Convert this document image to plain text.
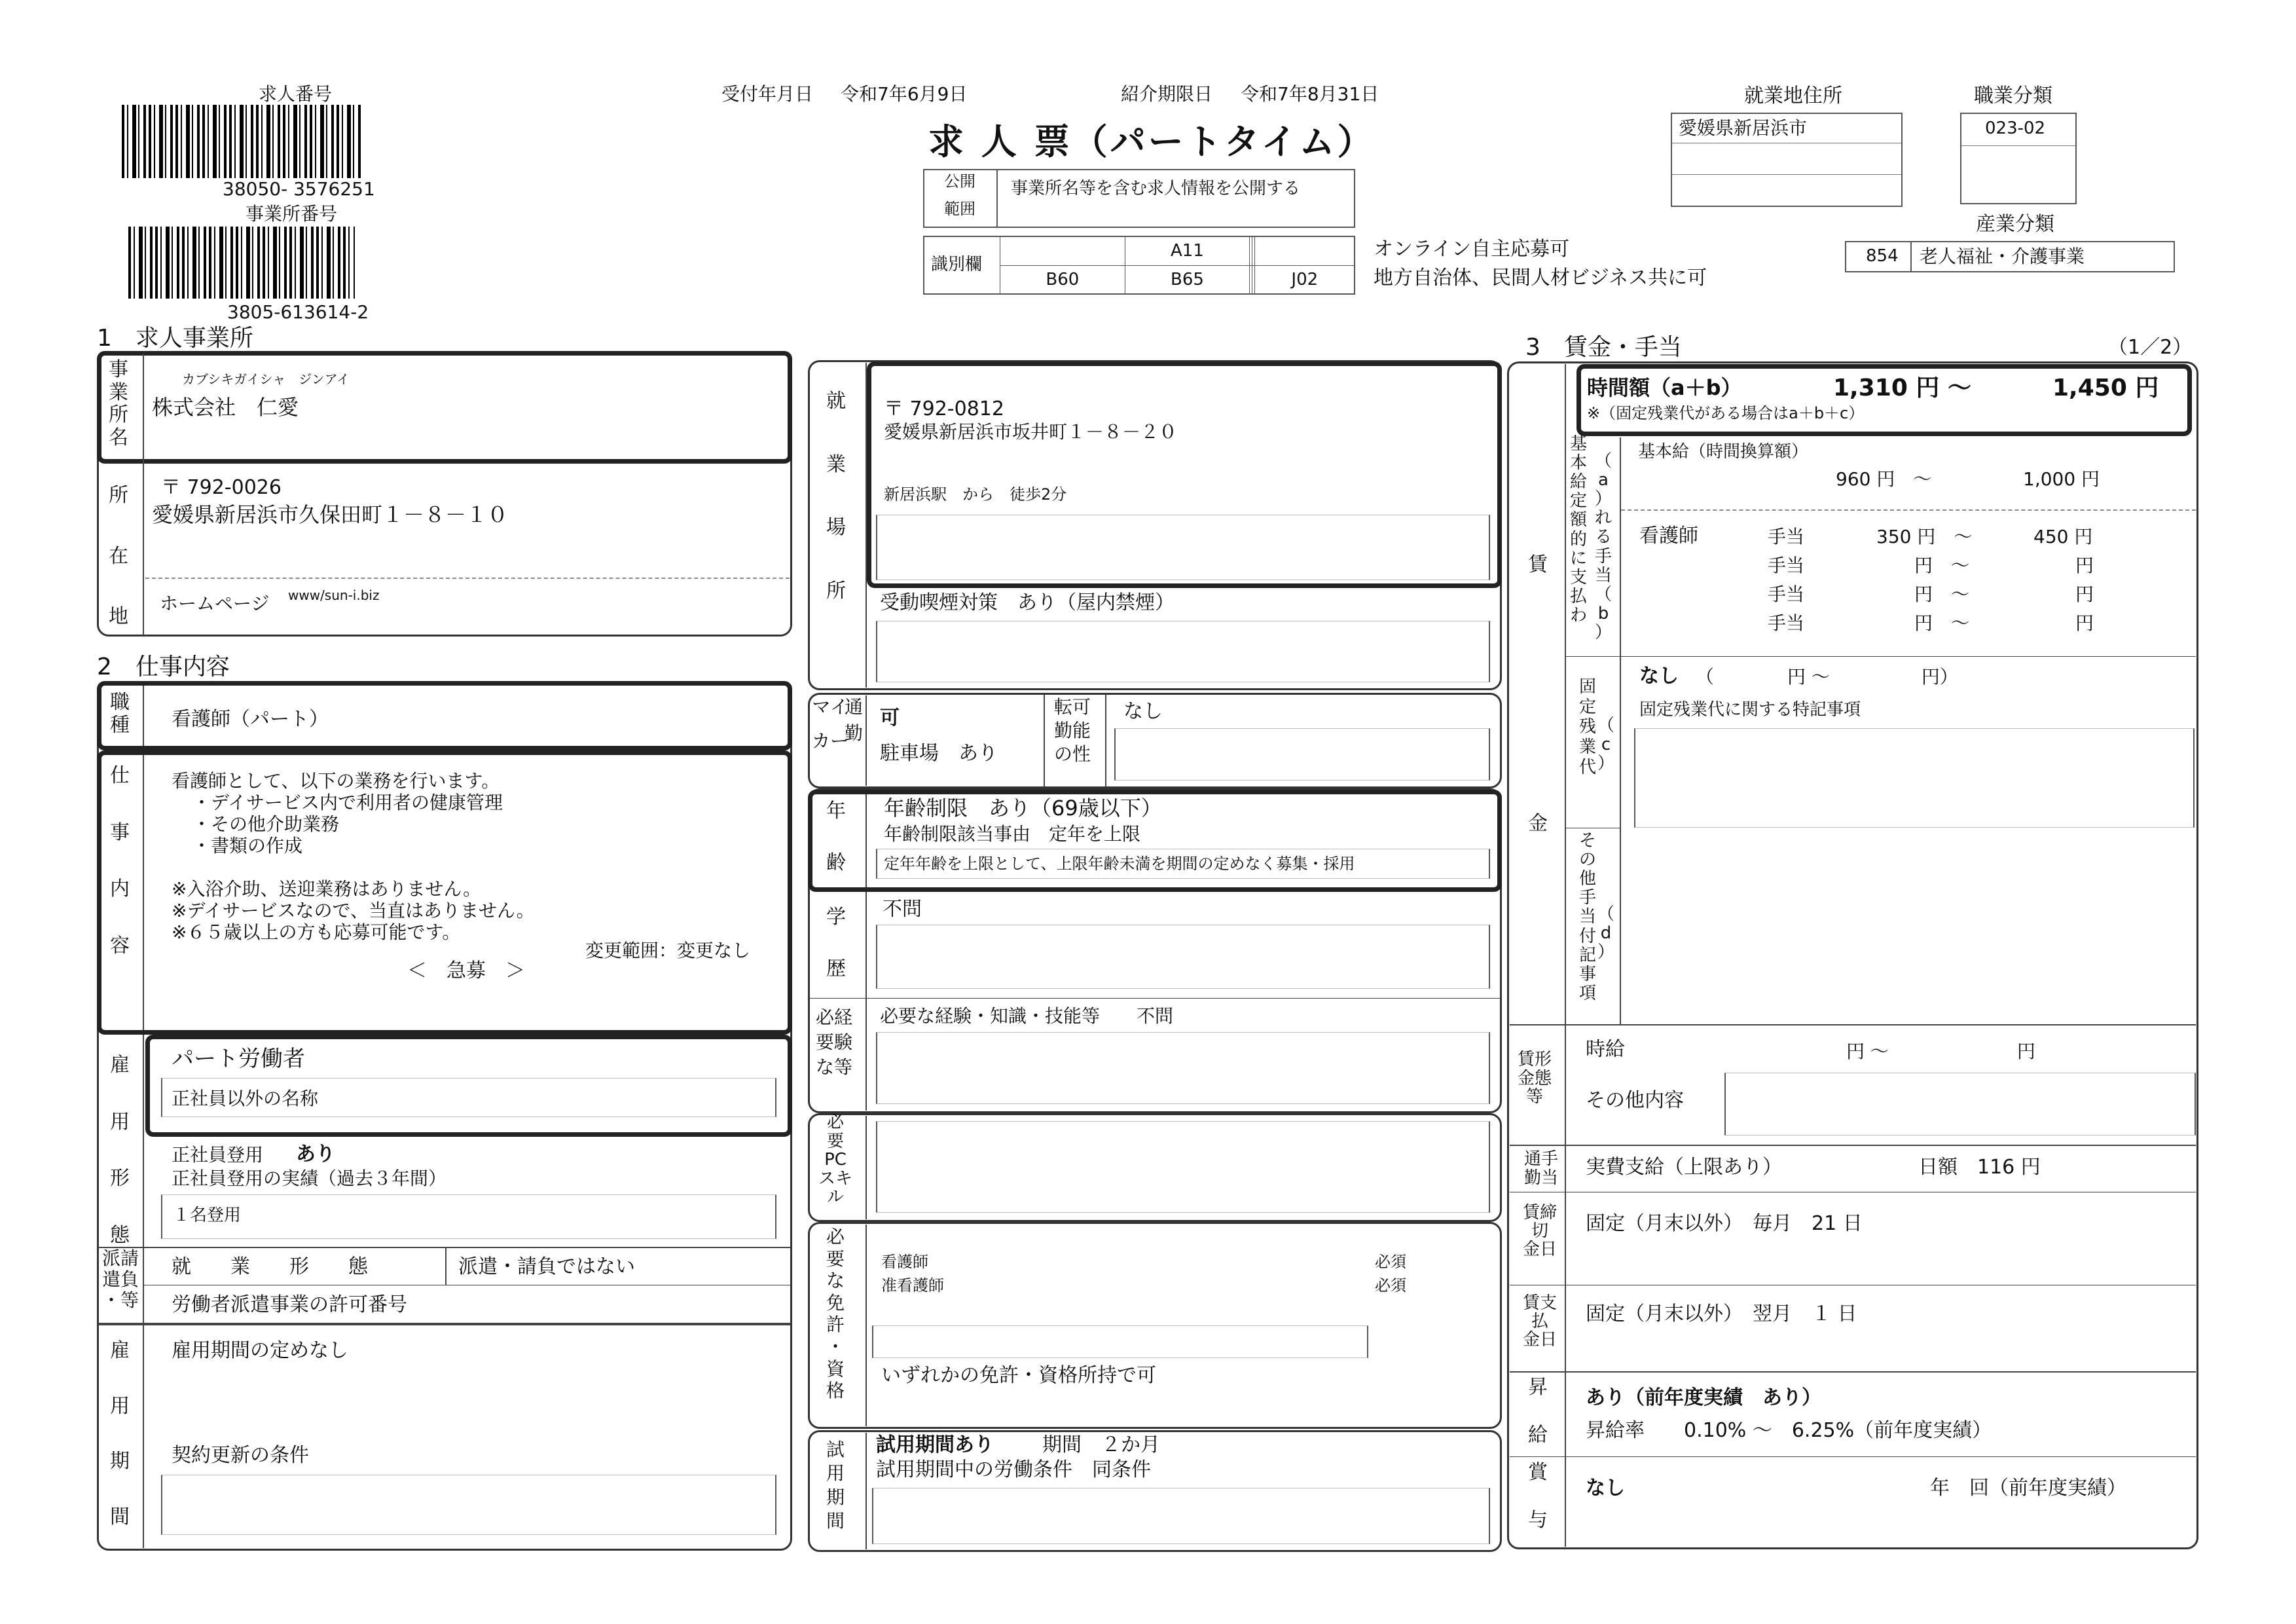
求人番号
38050- 3576251
事業所番号
3805-613614-2
受付年月日 令和7年6月9日	紹介期限日 令和7年8月31日
求 人 票（パートタイム）
公開
範囲
事業所名等を含む求人情報を公開する
識別欄
	A11			
B60	B65			J02
オンライン自主応募可
地方自治体、民間人材ビジネス共に可
就業地住所
愛媛県新居浜市
職業分類
023-02
産業分類
854 老人福祉・介護事業
1　求人事業所
事
業
所
名
カブシキガイシャ　ジンアイ
株式会社　仁愛
所
在
地
〒 792-0026
愛媛県新居浜市久保田町１－８－１０
ホームページ www/sun-i.biz
2　仕事内容
職
種 看護師（パート）
仕
事
内
容
看護師として、以下の業務を行います。
・デイサービス内で利用者の健康管理
・その他介助業務
・書類の作成
※入浴介助、送迎業務はありません。
※デイサービスなので、当直はありません。
※６５歳以上の方も応募可能です。
変更範囲：変更なし
＜　急募　＞
雇
用
形
態
パート労働者
正社員以外の名称
正社員登用 あり
正社員登用の実績（過去３年間）
１名登用
派請
遣負
・等
就　　業　　形　　態	派遣・請負ではない
労働者派遣事業の許可番号
雇
用
期
間
雇用期間の定めなし
契約更新の条件
就
業
場
所
〒 792-0812
愛媛県新居浜市坂井町１－８－２０
新居浜駅　から　徒歩2分
受動喫煙対策　あり（屋内禁煙）
マイ
カー
通
勤
可
駐車場　あり
転可
勤能
の性
なし
年
齢
年齢制限　あり（69歳以下）
年齢制限該当事由　定年を上限
定年年齢を上限として、上限年齢未満を期間の定めなく募集・採用
学
歴
不問
必経
要験
な等
必要な経験・知識・技能等　　不問
必
要
PC
スキ
ル
必
要
な
免
許
・
資
格
看護師	必須
准看護師	必須
いずれかの免許・資格所持で可
試
用
期
間
試用期間あり 期間　２か月
試用期間中の労働条件　同条件
3　賃金・手当	（1／2）
賃
金
時間額（a＋b）	1,310 円 〜	1,450 円
※（固定残業代がある場合はa＋b＋c）
基
本
給
定
額
的
に
支
払
わ
（
a
）
れ
る
手
当
（
b
）
基本給（時間換算額）
960 円　〜	1,000 円
看護師	手当	350 円　〜	450 円
手当	円　〜	円
手当	円　〜	円
手当	円　〜	円
固
定
残
業
代
（
c
）
なし （　　　　円 〜　　　　　円）
固定残業代に関する特記事項
そ
の
他
手
当
付
記
事
項
（
d
）
賃形
金態
等
時給	円 〜　　　　　　　円
その他内容
通手
勤当 実費支給（上限あり）	日額　116 円
賃締
切
金日
固定（月末以外）　毎月　21 日
賃支
払
金日
固定（月末以外）　翌月　１ 日
昇
給
あり（前年度実績　あり）
昇給率　　0.10% 〜　6.25%（前年度実績）
賞
与
なし	年　回（前年度実績）
